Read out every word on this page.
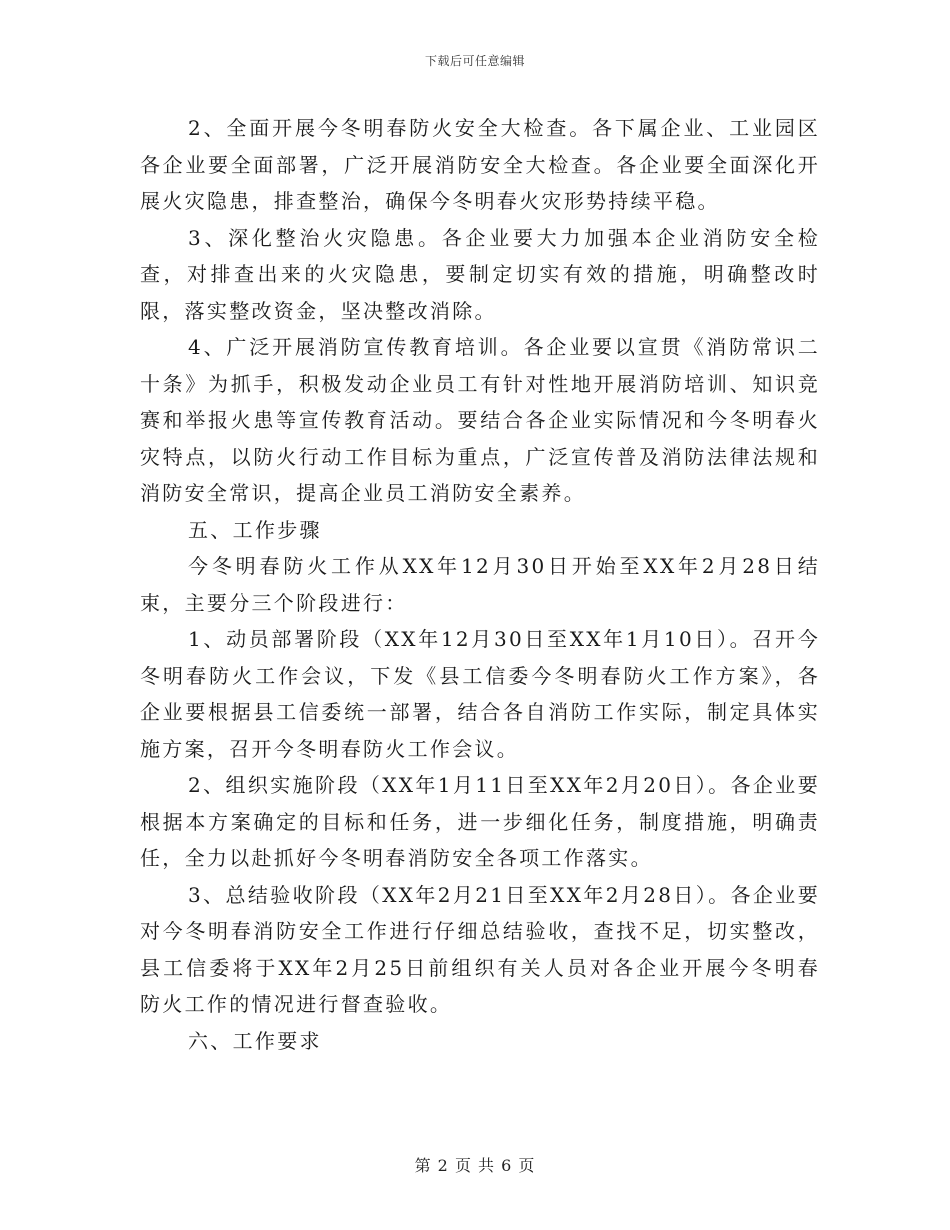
下载后可任意编辑

2、全面开展今冬明春防火安全大检查。各下属企业、工业园区各企业要全面部署，广泛开展消防安全大检查。各企业要全面深化开展火灾隐患，排查整治，确保今冬明春火灾形势持续平稳。

3、深化整治火灾隐患。各企业要大力加强本企业消防安全检查，对排查出来的火灾隐患，要制定切实有效的措施，明确整改时限，落实整改资金，坚决整改消除。

4、广泛开展消防宣传教育培训。各企业要以宣贯《消防常识二十条》为抓手，积极发动企业员工有针对性地开展消防培训、知识竞赛和举报火患等宣传教育活动。要结合各企业实际情况和今冬明春火灾特点，以防火行动工作目标为重点，广泛宣传普及消防法律法规和消防安全常识，提高企业员工消防安全素养。

五、工作步骤

今冬明春防火工作从XX年12月30日开始至XX年2月28日结束，主要分三个阶段进行：

1、动员部署阶段（XX年12月30日至XX年1月10日）。召开今冬明春防火工作会议，下发《县工信委今冬明春防火工作方案》，各企业要根据县工信委统一部署，结合各自消防工作实际，制定具体实施方案，召开今冬明春防火工作会议。

2、组织实施阶段（XX年1月11日至XX年2月20日）。各企业要根据本方案确定的目标和任务，进一步细化任务，制度措施，明确责任，全力以赴抓好今冬明春消防安全各项工作落实。

3、总结验收阶段（XX年2月21日至XX年2月28日）。各企业要对今冬明春消防安全工作进行仔细总结验收，查找不足，切实整改，县工信委将于XX年2月25日前组织有关人员对各企业开展今冬明春防火工作的情况进行督查验收。

六、工作要求

第 2 页 共 6 页
